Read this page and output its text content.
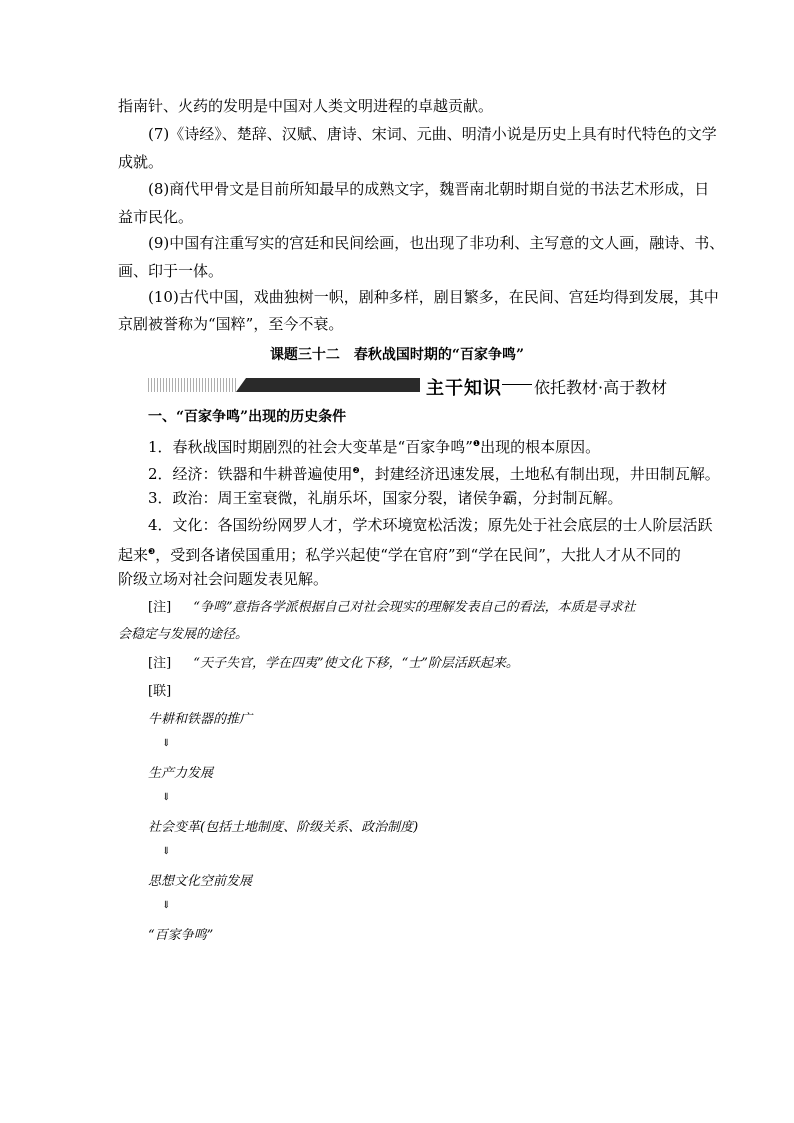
指南针、火药的发明是中国对人类文明进程的卓越贡献。
(7)《诗经》、楚辞、汉赋、唐诗、宋词、元曲、明清小说是历史上具有时代特色的文学
成就。
(8)商代甲骨文是目前所知最早的成熟文字，魏晋南北朝时期自觉的书法艺术形成，日
益市民化。
(9)中国有注重写实的宫廷和民间绘画，也出现了非功利、主写意的文人画，融诗、书、
画、印于一体。
(10)古代中国，戏曲独树一帜，剧种多样，剧目繁多，在民间、宫廷均得到发展，其中
京剧被誉称为“国粹”，至今不衰。
课题三十二　春秋战国时期的“百家争鸣”
主干知识 依托教材·高于教材
一、“百家争鸣”出现的历史条件
1．春秋战国时期剧烈的社会大变革是“百家争鸣”$^❶$出现的根本原因。
2．经济：铁器和牛耕普遍使用$^❷$，封建经济迅速发展，土地私有制出现，井田制瓦解。
3．政治：周王室衰微，礼崩乐坏，国家分裂，诸侯争霸，分封制瓦解。
4．文化：各国纷纷网罗人才，学术环境宽松活泼；原先处于社会底层的士人阶层活跃
起来$^❸$，受到各诸侯国重用；私学兴起使“学在官府”到“学在民间”，大批人才从不同的
阶级立场对社会问题发表见解。
[注] “争鸣”意指各学派根据自己对社会现实的理解发表自己的看法，本质是寻求社
会稳定与发展的途径。
[注] “天子失官，学在四夷”使文化下移，“士”阶层活跃起来。
[联]
牛耕和铁器的推广
⇓
生产力发展
⇓
社会变革(包括土地制度、阶级关系、政治制度)
⇓
思想文化空前发展
⇓
“百家争鸣”
